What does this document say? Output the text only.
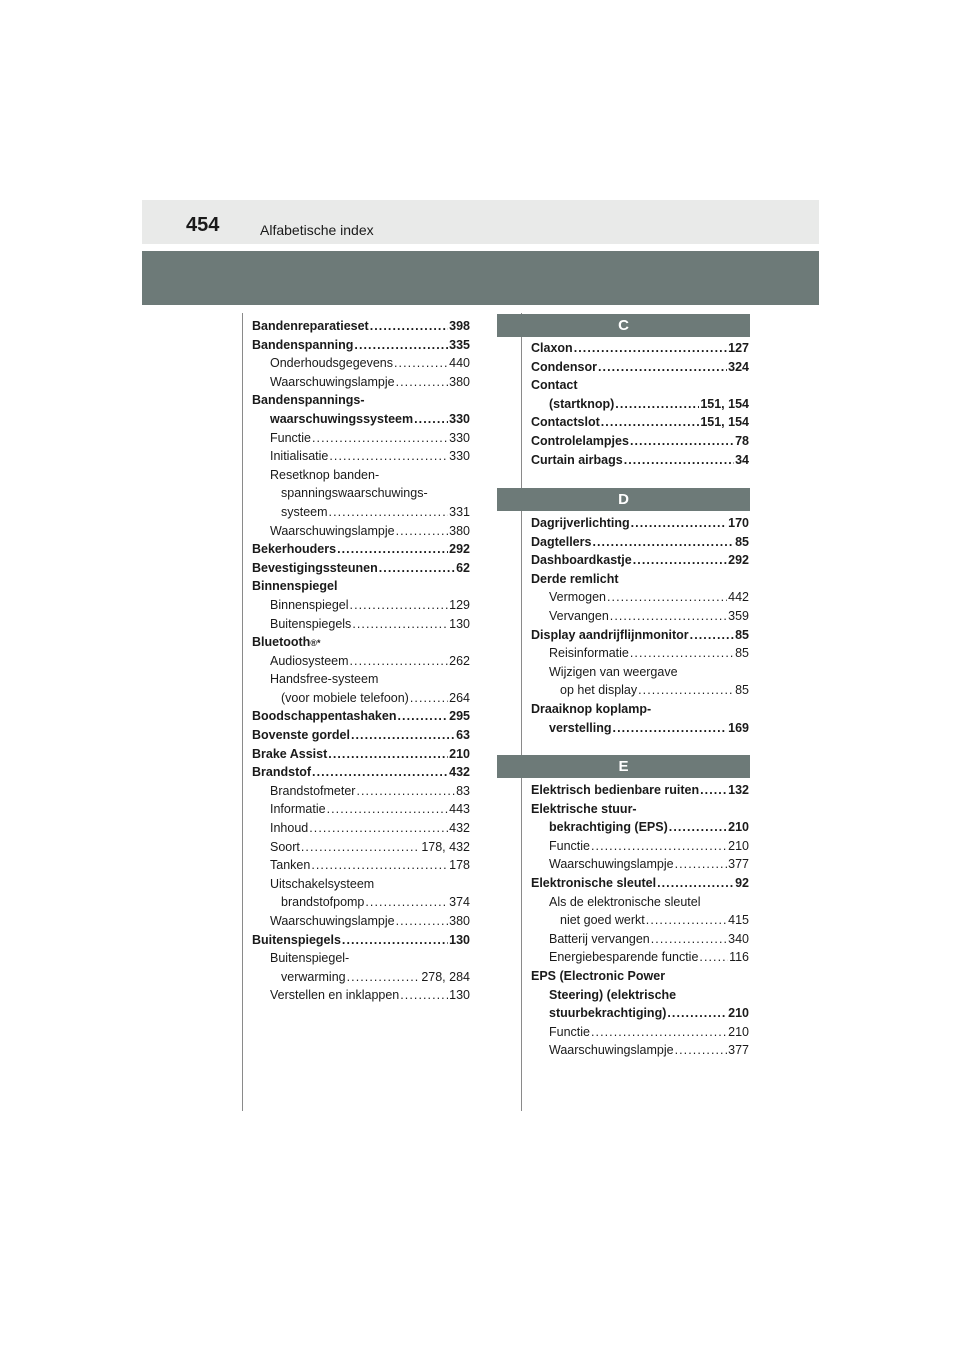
454	Alfabetische index
Bandenreparatieset . . .	398
Bandenspanning . . .	335
Onderhoudsgegevens . . .	440
Waarschuwingslampje . . .	380
Bandenspannings-
waarschuwingssysteem . . .	330
Functie . . .	330
Initialisatie . . .	330
Resetknop banden-
spanningswaarschuwings-
systeem . . .	331
Waarschuwingslampje . . .	380
Bekerhouders . . .	292
Bevestigingssteunen . . .	62
Binnenspiegel
Binnenspiegel . . .	129
Buitenspiegels . . .	130
Bluetooth ®*
Audiosysteem . . .	262
Handsfree-systeem
(voor mobiele telefoon) . . .	264
Boodschappentashaken . . .	295
Bovenste gordel . . .	63
Brake Assist . . .	210
Brandstof . . .	432
Brandstofmeter . . .	83
Informatie . . .	443
Inhoud . . .	432
Soort . . .	178, 432
Tanken . . .	178
Uitschakelsysteem
brandstofpomp . . .	374
Waarschuwingslampje . . .	380
Buitenspiegels . . .	130
Buitenspiegel-
verwarming . . .	278, 284
Verstellen en inklappen . . .	130
C
Claxon . . .	127
Condensor . . .	324
Contact
(startknop) . . .	151, 154
Contactslot . . .	151, 154
Controlelampjes . . .	78
Curtain airbags . . .	34
D
Dagrijverlichting . . .	170
Dagtellers . . .	85
Dashboardkastje . . .	292
Derde remlicht
Vermogen . . .	442
Vervangen . . .	359
Display aandrijflijnmonitor . . .	85
Reisinformatie . . .	85
Wijzigen van weergave
op het display . . .	85
Draaiknop koplamp-
verstelling . . .	169
E
Elektrisch bedienbare ruiten . . . 132
Elektrische stuur-
bekrachtiging (EPS) . . .	210
Functie . . .	210
Waarschuwingslampje . . .	377
Elektronische sleutel . . .	92
Als de elektronische sleutel
niet goed werkt . . .	415
Batterij vervangen . . .	340
Energiebesparende functie . . . 116
EPS (Electronic Power
Steering) (elektrische
stuurbekrachtiging) . . .	210
Functie . . .	210
Waarschuwingslampje . . .	377
